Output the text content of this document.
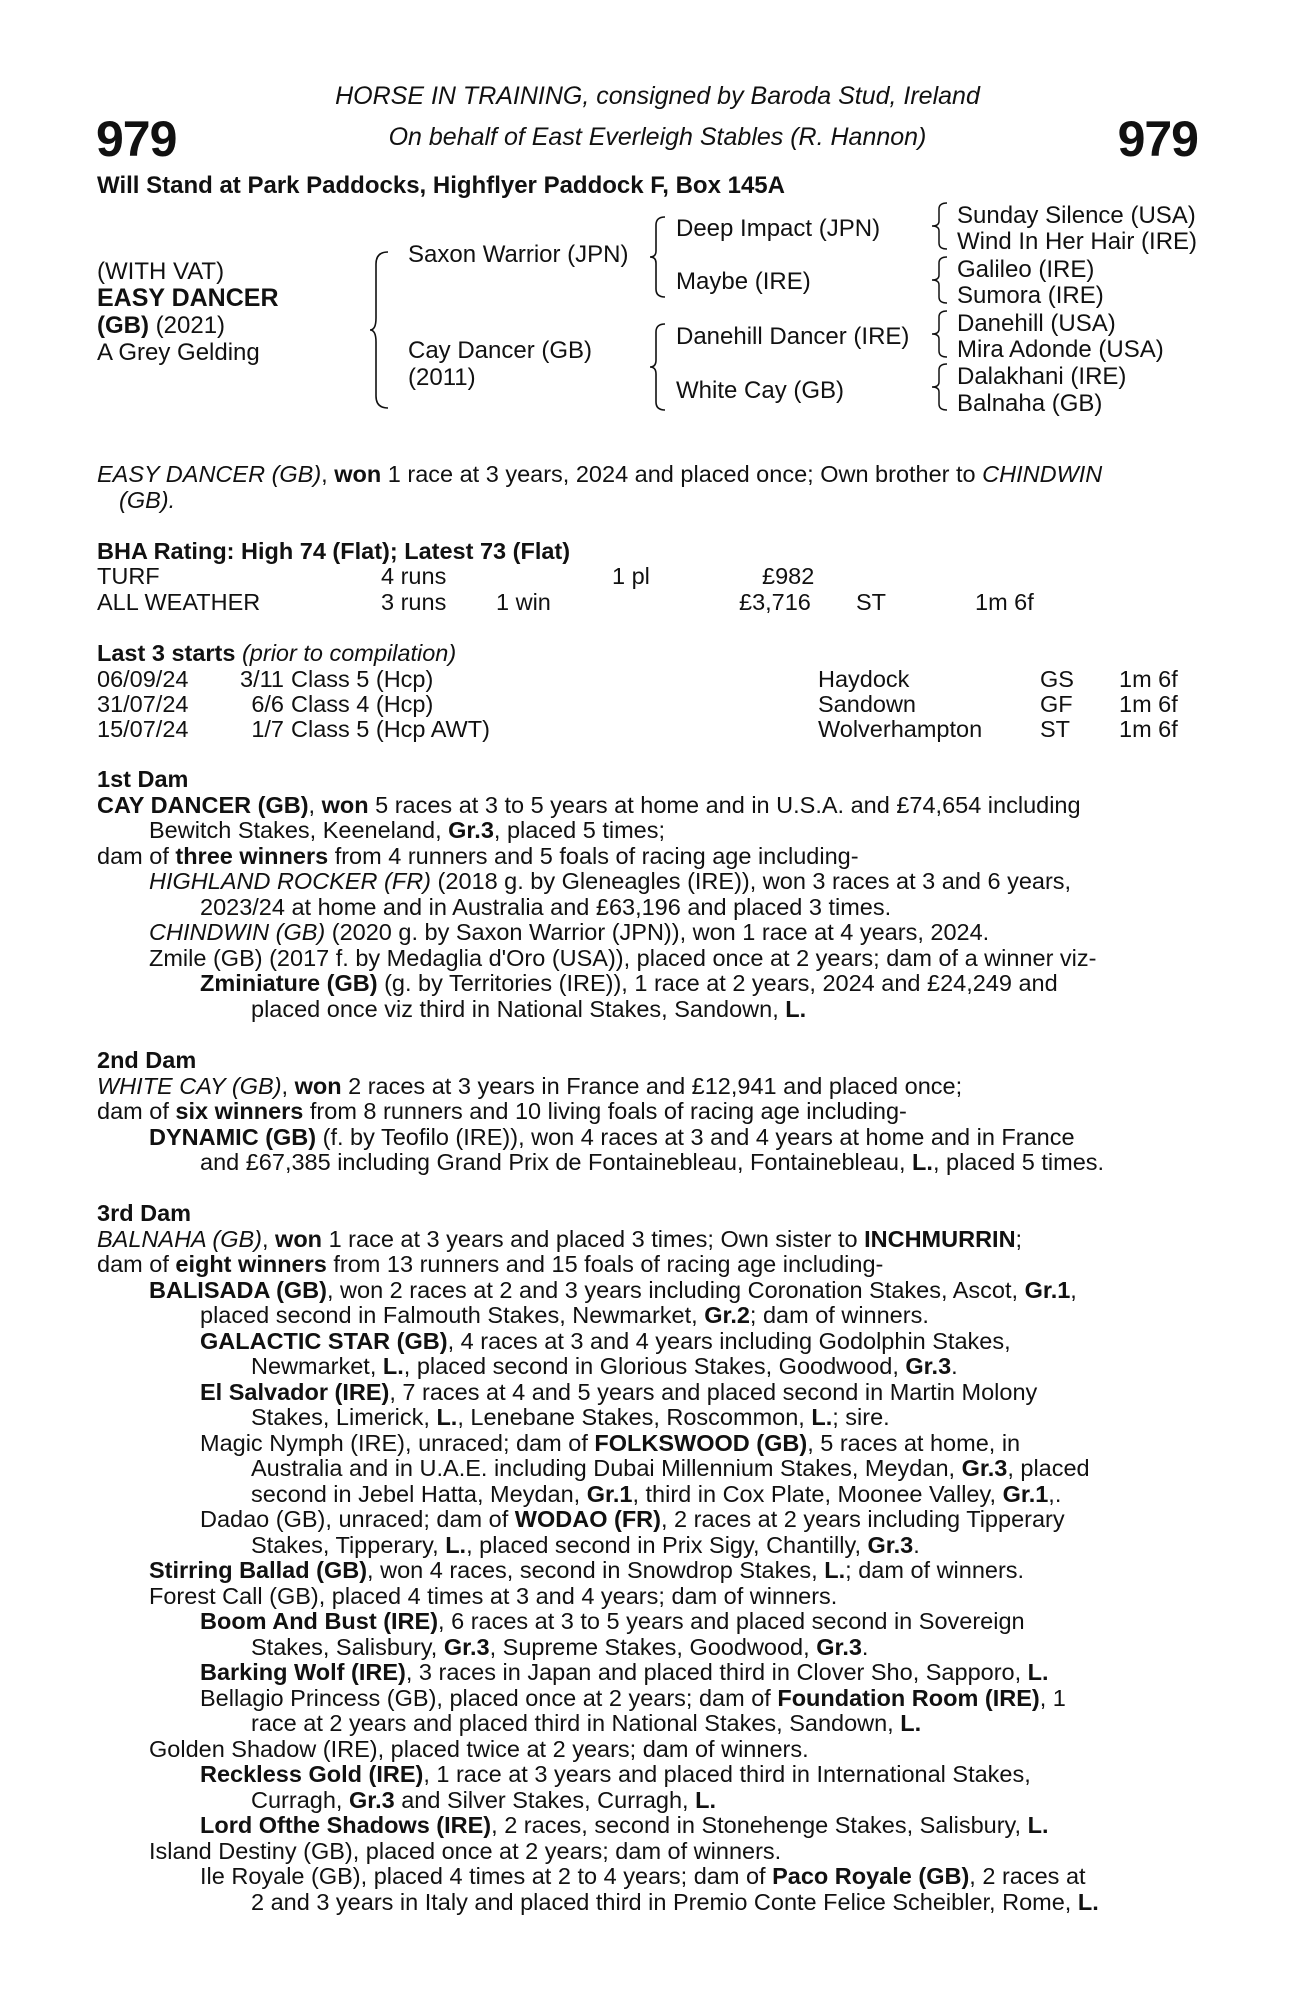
979	979
HORSE IN TRAINING, consigned by Baroda Stud, Ireland
On behalf of East Everleigh Stables (R. Hannon)
Will Stand at Park Paddocks, Highflyer Paddock F, Box 145A
(WITH VAT)
EASY DANCER
(GB) (2021)
A Grey Gelding
Saxon Warrior (JPN)
Cay Dancer (GB)
(2011)
Deep Impact (JPN)
Maybe (IRE)
Danehill Dancer (IRE)
White Cay (GB)
Sunday Silence (USA)
Wind In Her Hair (IRE)
Galileo (IRE)
Sumora (IRE)
Danehill (USA)
Mira Adonde (USA)
Dalakhani (IRE)
Balnaha (GB)
EASY DANCER (GB), won 1 race at 3 years, 2024 and placed once; Own brother to CHINDWIN
(GB).
BHA Rating: High 74 (Flat); Latest 73 (Flat)
TURF	4 runs	1 pl	£982
ALL WEATHER	3 runs 1 win	£3,716 ST	1m 6f
Last 3 starts (prior to compilation)
06/09/24	3/11 Class 5 (Hcp)	Haydock	GS 1m 6f
31/07/24	6/6 Class 4 (Hcp)	Sandown	GF 1m 6f
15/07/24	1/7 Class 5 (Hcp AWT)	Wolverhampton ST 1m 6f
1st Dam
CAY DANCER (GB), won 5 races at 3 to 5 years at home and in U.S.A. and £74,654 including
Bewitch Stakes, Keeneland, Gr.3, placed 5 times;
dam of three winners from 4 runners and 5 foals of racing age including-
HIGHLAND ROCKER (FR) (2018 g. by Gleneagles (IRE)), won 3 races at 3 and 6 years,
2023/24 at home and in Australia and £63,196 and placed 3 times.
CHINDWIN (GB) (2020 g. by Saxon Warrior (JPN)), won 1 race at 4 years, 2024.
Zmile (GB) (2017 f. by Medaglia d'Oro (USA)), placed once at 2 years; dam of a winner viz-
Zminiature (GB) (g. by Territories (IRE)), 1 race at 2 years, 2024 and £24,249 and
placed once viz third in National Stakes, Sandown, L.
2nd Dam
WHITE CAY (GB), won 2 races at 3 years in France and £12,941 and placed once;
dam of six winners from 8 runners and 10 living foals of racing age including-
DYNAMIC (GB) (f. by Teofilo (IRE)), won 4 races at 3 and 4 years at home and in France
and £67,385 including Grand Prix de Fontainebleau, Fontainebleau, L., placed 5 times.
3rd Dam
BALNAHA (GB), won 1 race at 3 years and placed 3 times; Own sister to INCHMURRIN;
dam of eight winners from 13 runners and 15 foals of racing age including-
BALISADA (GB), won 2 races at 2 and 3 years including Coronation Stakes, Ascot, Gr.1,
placed second in Falmouth Stakes, Newmarket, Gr.2; dam of winners.
GALACTIC STAR (GB), 4 races at 3 and 4 years including Godolphin Stakes,
Newmarket, L., placed second in Glorious Stakes, Goodwood, Gr.3.
El Salvador (IRE), 7 races at 4 and 5 years and placed second in Martin Molony
Stakes, Limerick, L., Lenebane Stakes, Roscommon, L.; sire.
Magic Nymph (IRE), unraced; dam of FOLKSWOOD (GB), 5 races at home, in
Australia and in U.A.E. including Dubai Millennium Stakes, Meydan, Gr.3, placed
second in Jebel Hatta, Meydan, Gr.1, third in Cox Plate, Moonee Valley, Gr.1,.
Dadao (GB), unraced; dam of WODAO (FR), 2 races at 2 years including Tipperary
Stakes, Tipperary, L., placed second in Prix Sigy, Chantilly, Gr.3.
Stirring Ballad (GB), won 4 races, second in Snowdrop Stakes, L.; dam of winners.
Forest Call (GB), placed 4 times at 3 and 4 years; dam of winners.
Boom And Bust (IRE), 6 races at 3 to 5 years and placed second in Sovereign
Stakes, Salisbury, Gr.3, Supreme Stakes, Goodwood, Gr.3.
Barking Wolf (IRE), 3 races in Japan and placed third in Clover Sho, Sapporo, L.
Bellagio Princess (GB), placed once at 2 years; dam of Foundation Room (IRE), 1
race at 2 years and placed third in National Stakes, Sandown, L.
Golden Shadow (IRE), placed twice at 2 years; dam of winners.
Reckless Gold (IRE), 1 race at 3 years and placed third in International Stakes,
Curragh, Gr.3 and Silver Stakes, Curragh, L.
Lord Ofthe Shadows (IRE), 2 races, second in Stonehenge Stakes, Salisbury, L.
Island Destiny (GB), placed once at 2 years; dam of winners.
Ile Royale (GB), placed 4 times at 2 to 4 years; dam of Paco Royale (GB), 2 races at
2 and 3 years in Italy and placed third in Premio Conte Felice Scheibler, Rome, L.
